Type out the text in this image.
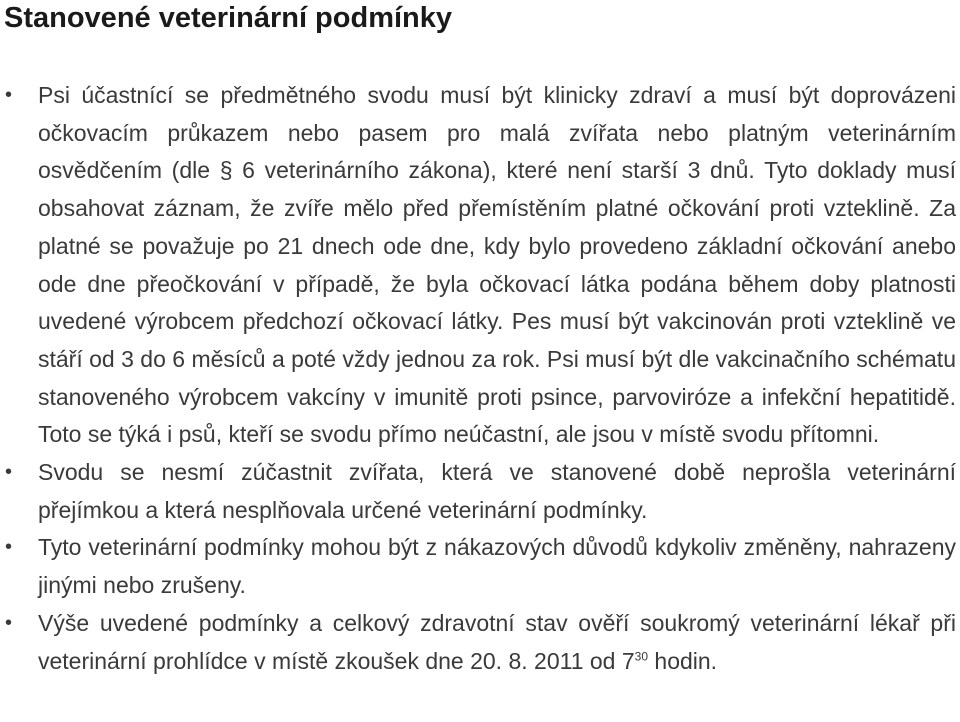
Stanovené veterinární podmínky
• Psi účastnící se předmětného svodu musí být klinicky zdraví a musí být doprovázeni očkovacím průkazem nebo pasem pro malá zvířata nebo platným veterinárním osvědčením (dle § 6 veterinárního zákona), které není starší 3 dnů. Tyto doklady musí obsahovat záznam, že zvíře mělo před přemístěním platné očkování proti vzteklině. Za platné se považuje po 21 dnech ode dne, kdy bylo provedeno základní očkování anebo ode dne přeočkování v případě, že byla očkovací látka podána během doby platnosti uvedené výrobcem předchozí očkovací látky. Pes musí být vakcinován proti vzteklině ve stáří od 3 do 6 měsíců a poté vždy jednou za rok. Psi musí být dle vakcinačního schématu stanoveného výrobcem vakcíny v imunitě proti psince, parvoviróze a infekční hepatitidě. Toto se týká i psů, kteří se svodu přímo neúčastní, ale jsou v místě svodu přítomni.
• Svodu se nesmí zúčastnit zvířata, která ve stanovené době neprošla veterinární přejímkou a která nesplňovala určené veterinární podmínky.
• Tyto veterinární podmínky mohou být z nákazových důvodů kdykoliv změněny, nahrazeny jinými nebo zrušeny.
• Výše uvedené podmínky a celkový zdravotní stav ověří soukromý veterinární lékař při veterinární prohlídce v místě zkoušek dne 20. 8. 2011 od $7^{30}$ hodin.
